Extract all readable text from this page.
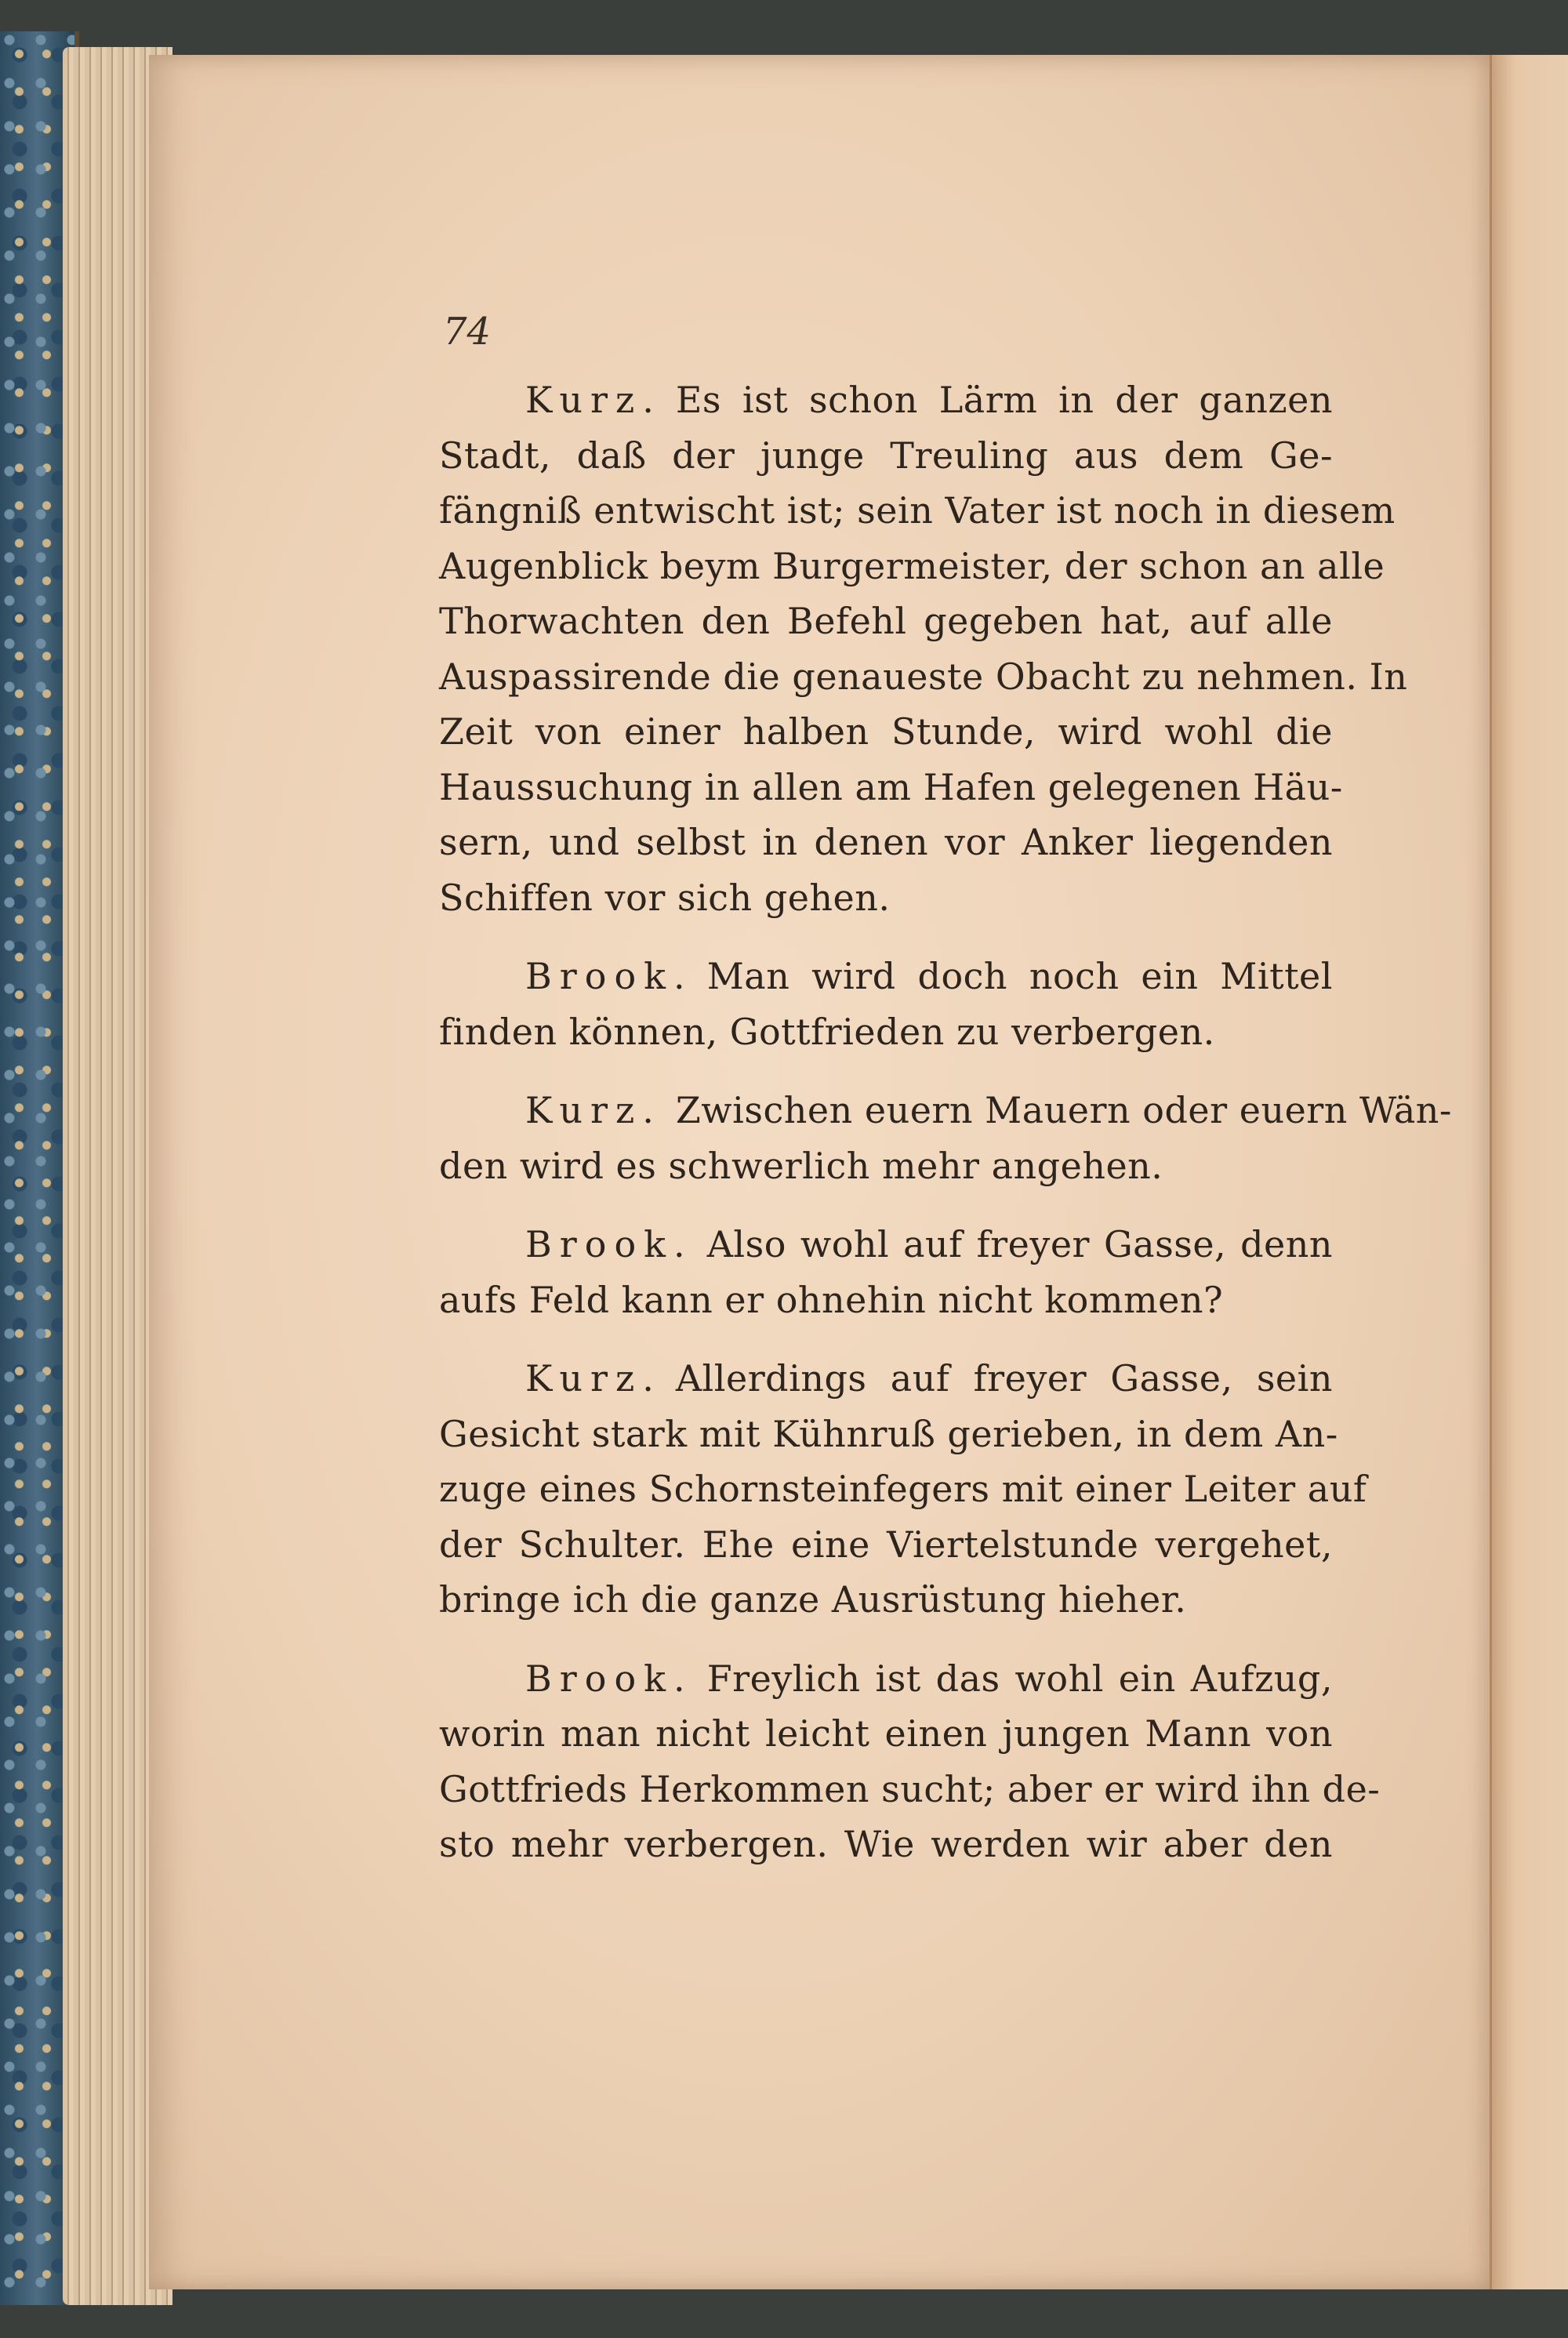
74
Kurz. Es ist schon Lärm in der ganzen
Stadt, daß der junge Treuling aus dem Ge-
fängniß entwischt ist; sein Vater ist noch in diesem
Augenblick beym Burgermeister, der schon an alle
Thorwachten den Befehl gegeben hat, auf alle
Auspassirende die genaueste Obacht zu nehmen. In
Zeit von einer halben Stunde, wird wohl die
Haussuchung in allen am Hafen gelegenen Häu-
sern, und selbst in denen vor Anker liegenden
Schiffen vor sich gehen.
Brook. Man wird doch noch ein Mittel
finden können, Gottfrieden zu verbergen.
Kurz. Zwischen euern Mauern oder euern Wän-
den wird es schwerlich mehr angehen.
Brook. Also wohl auf freyer Gasse, denn
aufs Feld kann er ohnehin nicht kommen?
Kurz. Allerdings auf freyer Gasse, sein
Gesicht stark mit Kühnruß gerieben, in dem An-
zuge eines Schornsteinfegers mit einer Leiter auf
der Schulter. Ehe eine Viertelstunde vergehet,
bringe ich die ganze Ausrüstung hieher.
Brook. Freylich ist das wohl ein Aufzug,
worin man nicht leicht einen jungen Mann von
Gottfrieds Herkommen sucht; aber er wird ihn de-
sto mehr verbergen. Wie werden wir aber den
